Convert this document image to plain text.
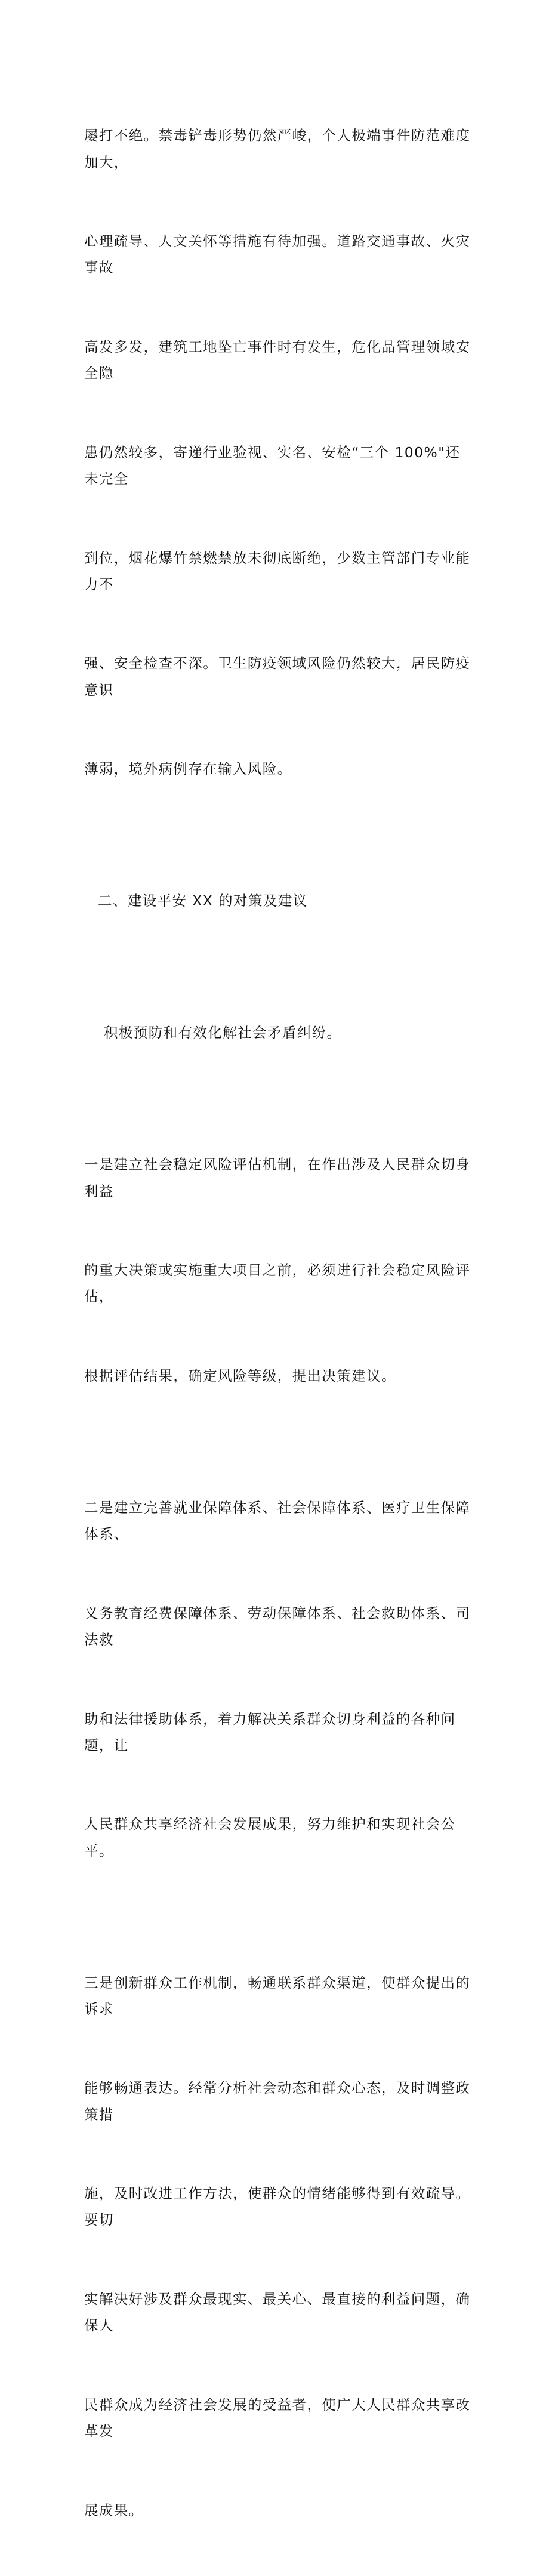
屡打不绝。禁毒铲毒形势仍然严峻，个人极端事件防范难度加大，

心理疏导、人文关怀等措施有待加强。道路交通事故、火灾事故

高发多发，建筑工地坠亡事件时有发生，危化品管理领域安全隐

患仍然较多，寄递行业验视、实名、安检“三个 100%"还未完全

到位，烟花爆竹禁燃禁放未彻底断绝，少数主管部门专业能力不

强、安全检查不深。卫生防疫领域风险仍然较大，居民防疫意识

薄弱，境外病例存在输入风险。

二、建设平安 XX 的对策及建议

积极预防和有效化解社会矛盾纠纷。

一是建立社会稳定风险评估机制，在作出涉及人民群众切身利益

的重大决策或实施重大项目之前，必须进行社会稳定风险评估，

根据评估结果，确定风险等级，提出决策建议。

二是建立完善就业保障体系、社会保障体系、医疗卫生保障体系、

义务教育经费保障体系、劳动保障体系、社会救助体系、司法救

助和法律援助体系，着力解决关系群众切身利益的各种问题，让

人民群众共享经济社会发展成果，努力维护和实现社会公平。

三是创新群众工作机制，畅通联系群众渠道，使群众提出的诉求

能够畅通表达。经常分析社会动态和群众心态，及时调整政策措

施，及时改进工作方法，使群众的情绪能够得到有效疏导。要切

实解决好涉及群众最现实、最关心、最直接的利益问题，确保人

民群众成为经济社会发展的受益者，使广大人民群众共享改革发

展成果。
